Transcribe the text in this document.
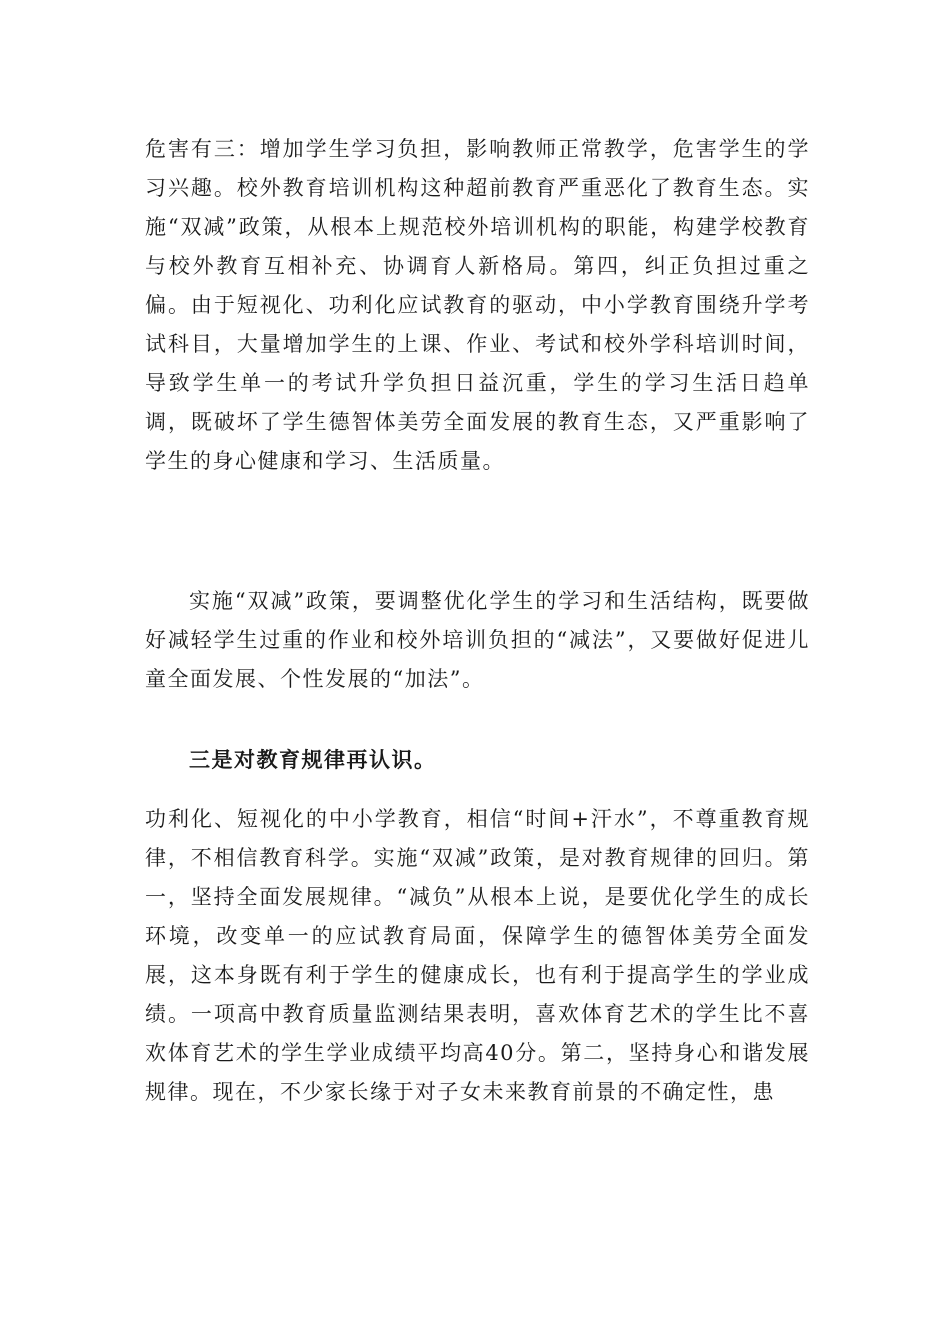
危害有三：增加学生学习负担，影响教师正常教学，危害学生的学习兴趣。校外教育培训机构这种超前教育严重恶化了教育生态。实施“双减”政策，从根本上规范校外培训机构的职能，构建学校教育与校外教育互相补充、协调育人新格局。第四，纠正负担过重之偏。由于短视化、功利化应试教育的驱动，中小学教育围绕升学考试科目，大量增加学生的上课、作业、考试和校外学科培训时间，导致学生单一的考试升学负担日益沉重，学生的学习生活日趋单调，既破坏了学生德智体美劳全面发展的教育生态，又严重影响了学生的身心健康和学习、生活质量。

实施“双减”政策，要调整优化学生的学习和生活结构，既要做好减轻学生过重的作业和校外培训负担的“减法”，又要做好促进儿童全面发展、个性发展的“加法”。

三是对教育规律再认识。

功利化、短视化的中小学教育，相信“时间+汗水”，不尊重教育规律，不相信教育科学。实施“双减”政策，是对教育规律的回归。第一，坚持全面发展规律。“减负”从根本上说，是要优化学生的成长环境，改变单一的应试教育局面，保障学生的德智体美劳全面发展，这本身既有利于学生的健康成长，也有利于提高学生的学业成绩。一项高中教育质量监测结果表明，喜欢体育艺术的学生比不喜欢体育艺术的学生学业成绩平均高40分。第二，坚持身心和谐发展规律。现在，不少家长缘于对子女未来教育前景的不确定性，患
